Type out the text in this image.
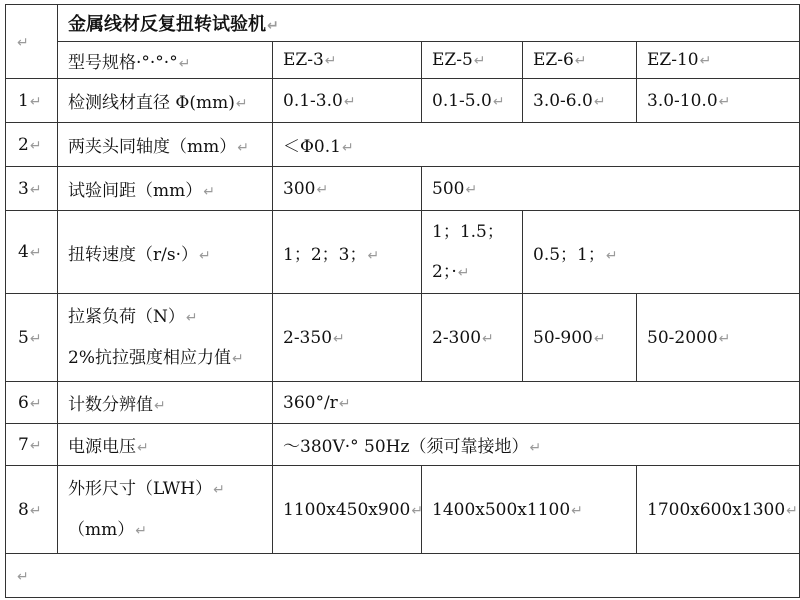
↵	金属线材反复扭转试验机↵				
	型号规格·°·°·°↵	EZ-3↵	EZ-5↵	EZ-6↵	EZ-10↵
1↵	检测线材直径 Φ(mm)↵	0.1-3.0↵	0.1-5.0↵	3.0-6.0↵	3.0-10.0↵
2↵	两夹头同轴度（mm）↵	＜Φ0.1↵			
3↵	试验间距（mm）↵	300↵	500↵		
4↵	扭转速度（r/s·）↵	1；2；3；↵	1；1.5；
2；·↵	0.5；1；↵	
5↵	拉紧负荷（N）↵
2%抗拉强度相应力值↵	2-350↵	2-300↵	50-900↵	50-2000↵
6↵	计数分辨值↵	360°/r↵			
7↵	电源电压↵	～380V·° 50Hz（须可靠接地）↵			
8↵	外形尺寸（LWH）↵
（mm）↵	1100x450x900↵	1400x500x1100↵		1700x600x1300↵
↵					
